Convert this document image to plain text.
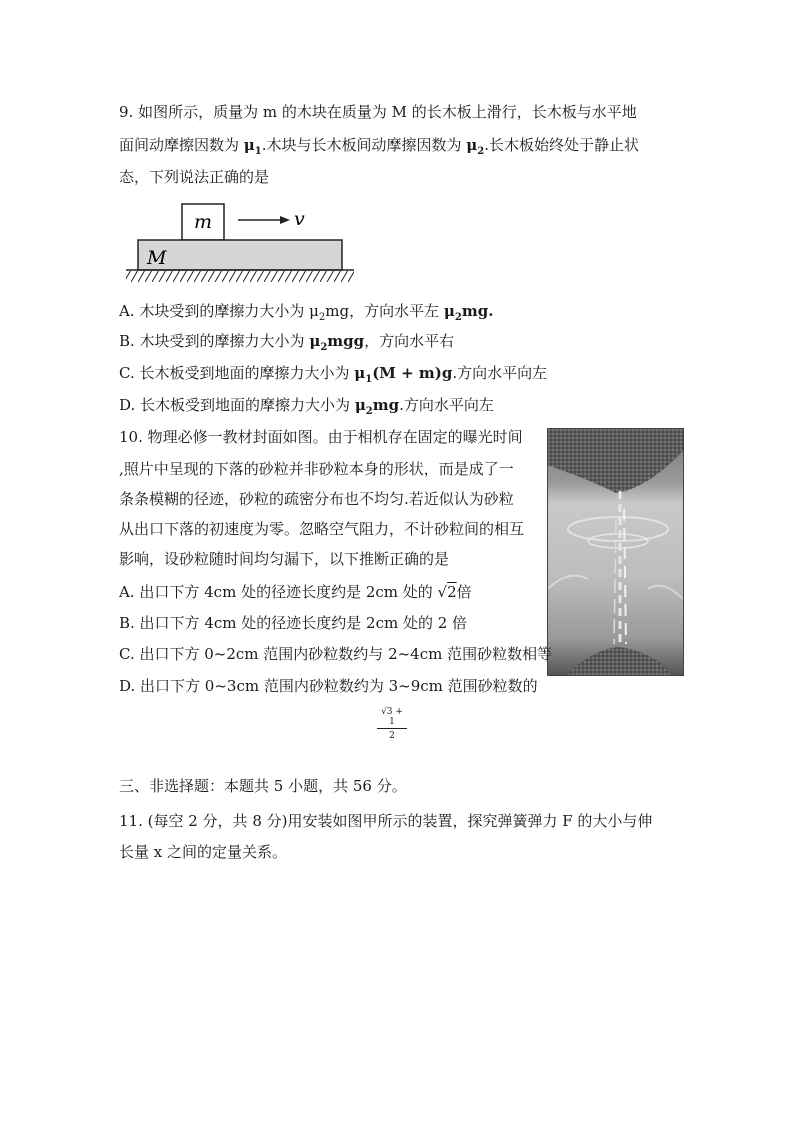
9. 如图所示，质量为 m 的木块在质量为 M 的长木板上滑行，长木板与水平地
面间动摩擦因数为 $\mu_1$.木块与长木板间动摩擦因数为 $\mu_2$.长木板始终处于静止状
态，下列说法正确的是
m
M
v
A. 木块受到的摩擦力大小为 $\mu_2mg$，方向水平左 $\mu_2mg$.
B. 木块受到的摩擦力大小为 $\mu_2mgg$，方向水平右
C. 长木板受到地面的摩擦力大小为 $\mu_1(M + m)g$.方向水平向左
D. 长木板受到地面的摩擦力大小为 $\mu_2mg$.方向水平向左
10. 物理必修一教材封面如图。由于相机存在固定的曝光时间
,照片中呈现的下落的砂粒并非砂粒本身的形状，而是成了一
条条模糊的径迹，砂粒的疏密分布也不均匀.若近似认为砂粒
从出口下落的初速度为零。忽略空气阻力，不计砂粒间的相互
影响，设砂粒随时间均匀漏下，以下推断正确的是
A. 出口下方 4cm 处的径迹长度约是 2cm 处的 √2倍
B. 出口下方 4cm 处的径迹长度约是 2cm 处的 2 倍
C. 出口下方 0~2cm 范围内砂粒数约与 2~4cm 范围砂粒数相等
D. 出口下方 0~3cm 范围内砂粒数约为 3~9cm 范围砂粒数的
$\frac{√3 + 1}{2}$
三、非选择题：本题共 5 小题，共 56 分。
11. (每空 2 分，共 8 分)用安装如图甲所示的装置，探究弹簧弹力 F 的大小与伸
长量 x 之间的定量关系。
